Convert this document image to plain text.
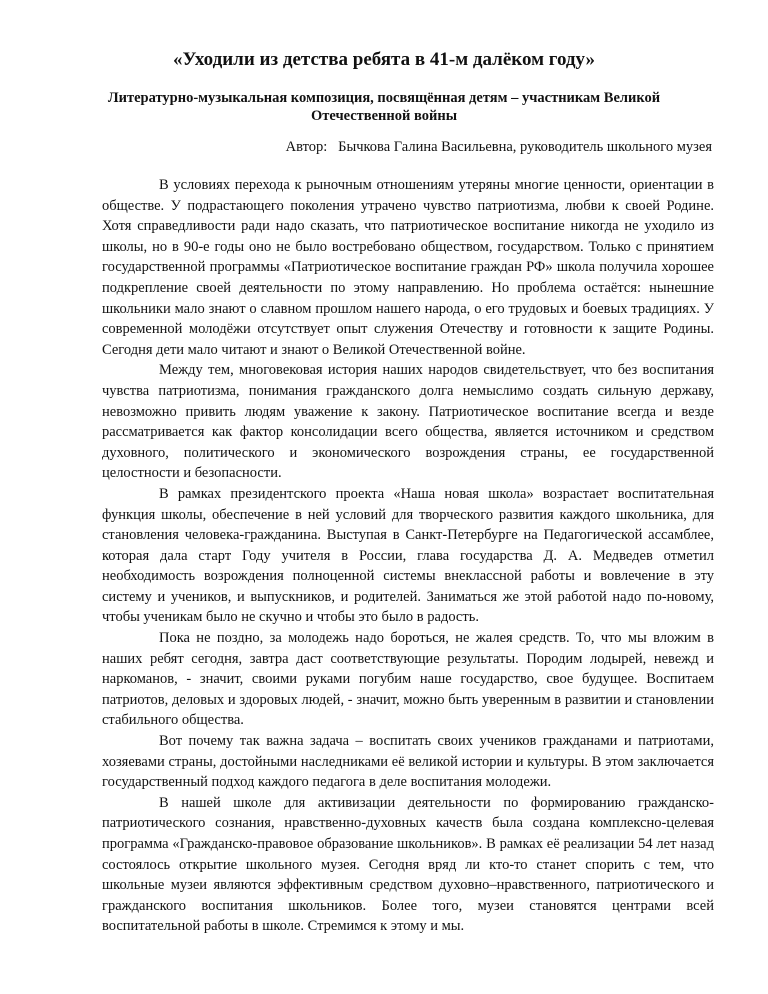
«Уходили из детства ребята в 41-м далёком году»
Литературно-музыкальная композиция, посвящённая детям – участникам Великой Отечественной войны
Автор:   Бычкова Галина Васильевна, руководитель школьного музея

В условиях перехода к рыночным отношениям утеряны многие ценности, ориентации в обществе. У подрастающего поколения утрачено чувство патриотизма, любви к своей Родине. Хотя справедливости ради надо сказать, что патриотическое воспитание никогда не уходило из школы, но в 90-е годы оно не было востребовано обществом, государством. Только с принятием государственной программы «Патриотическое воспитание граждан РФ» школа получила хорошее подкрепление своей деятельности по этому направлению. Но проблема остаётся: нынешние школьники мало знают о славном прошлом нашего народа, о его трудовых и боевых традициях. У современной молодёжи отсутствует опыт служения Отечеству и готовности к защите Родины. Сегодня дети мало читают и знают о Великой Отечественной войне.

Между тем, многовековая история наших народов свидетельствует, что без воспитания чувства патриотизма, понимания гражданского долга немыслимо создать сильную державу, невозможно привить людям уважение к закону. Патриотическое воспитание всегда и везде рассматривается как фактор консолидации всего общества, является источником и средством духовного, политического и экономического возрождения страны, ее государственной целостности и безопасности.

В рамках президентского проекта «Наша новая школа» возрастает воспитательная функция школы, обеспечение в ней условий для творческого развития каждого школьника, для становления человека-гражданина. Выступая в Санкт-Петербурге на Педагогической ассамблее, которая дала старт Году учителя в России, глава государства Д. А. Медведев отметил необходимость возрождения полноценной системы внеклассной работы и вовлечение в эту систему и учеников, и выпускников, и родителей. Заниматься же этой работой надо по-новому, чтобы ученикам было не скучно и чтобы это было в радость.

Пока не поздно, за молодежь надо бороться, не жалея средств. То, что мы вложим в наших ребят сегодня, завтра даст соответствующие результаты. Породим лодырей, невежд и наркоманов, - значит, своими руками погубим наше государство, свое будущее. Воспитаем патриотов, деловых и здоровых людей, - значит, можно быть уверенным в развитии и становлении стабильного общества.

Вот почему так важна задача – воспитать своих учеников гражданами и патриотами, хозяевами страны, достойными наследниками её великой истории и культуры. В этом заключается государственный подход каждого педагога в деле воспитания молодежи.

В нашей школе для активизации деятельности по формированию гражданско-патриотического сознания, нравственно-духовных качеств была создана комплексно-целевая программа «Гражданско-правовое образование школьников». В рамках её реализации 54 лет назад состоялось открытие школьного музея. Сегодня вряд ли кто-то станет спорить с тем, что школьные музеи являются эффективным средством духовно–нравственного, патриотического и гражданского воспитания школьников. Более того, музеи становятся центрами всей воспитательной работы в школе. Стремимся к этому и мы.
